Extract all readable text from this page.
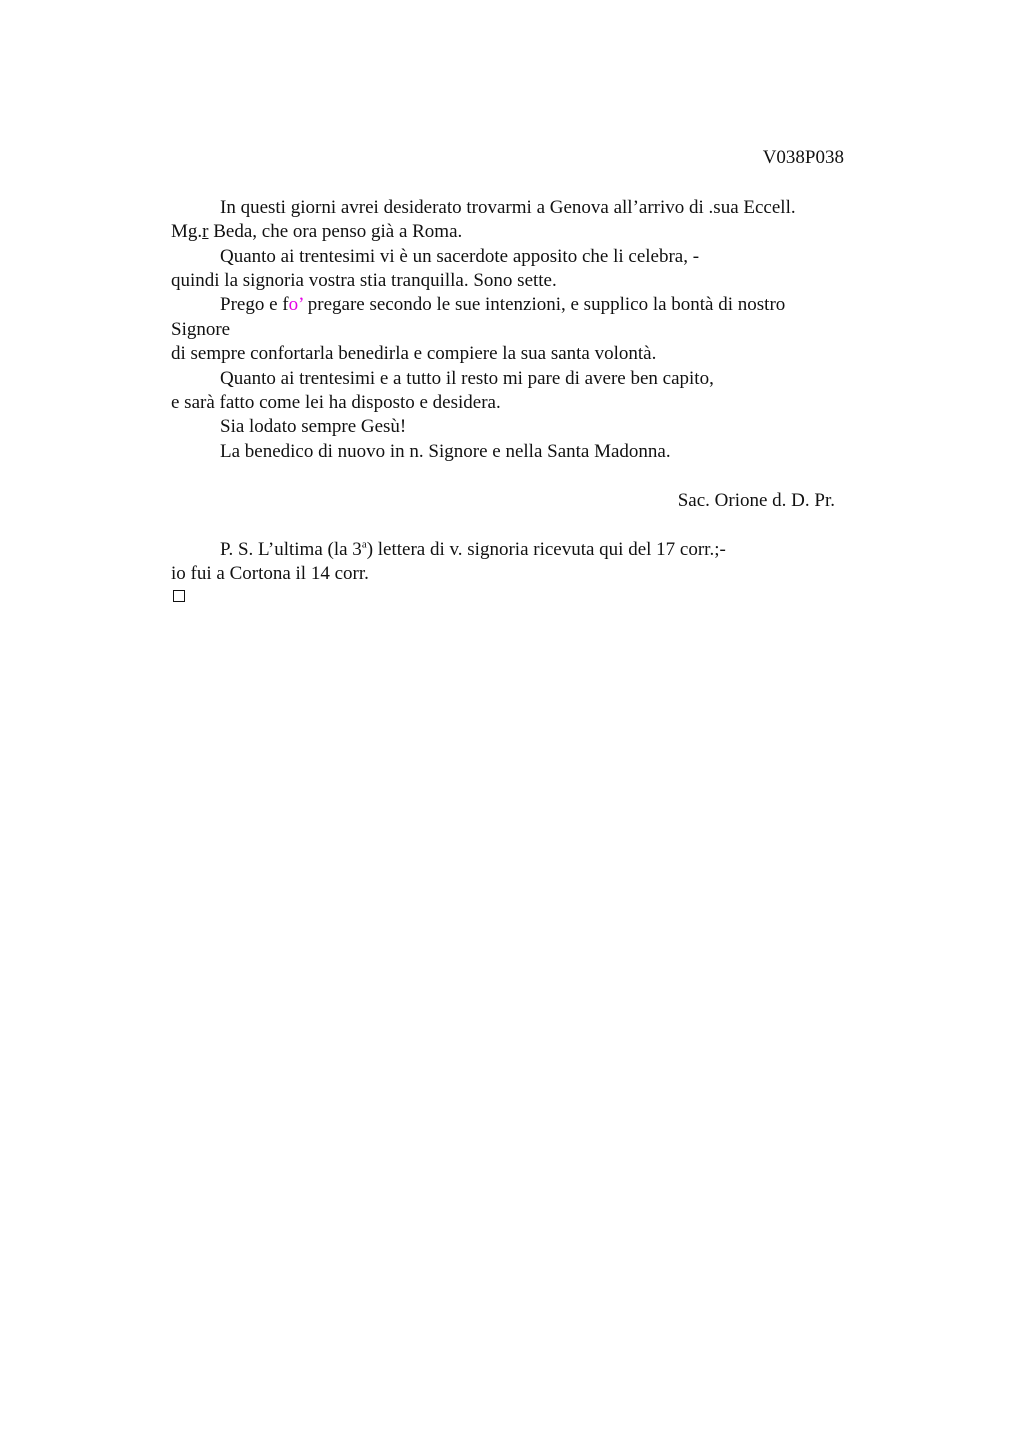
V038P038
In questi giorni avrei desiderato trovarmi a Genova all’arrivo di .sua Eccell.
Mg.r Beda, che ora penso già a Roma.
Quanto ai trentesimi vi è un sacerdote apposito che li celebra, -
quindi la signoria vostra stia tranquilla. Sono sette.
Prego e fo’ pregare secondo le sue intenzioni, e supplico la bontà di nostro
Signore
di sempre confortarla benedirla e compiere la sua santa volontà.
Quanto ai trentesimi e a tutto il resto mi pare di avere ben capito,
e sarà fatto come lei ha disposto e desidera.
Sia lodato sempre Gesù!
La benedico di nuovo in n. Signore e nella Santa Madonna.
Sac. Orione d. D. Pr.
P. S. L’ultima (la 3$^a$) lettera di v. signoria ricevuta qui del 17 corr.;-
io fui a Cortona il 14 corr.
